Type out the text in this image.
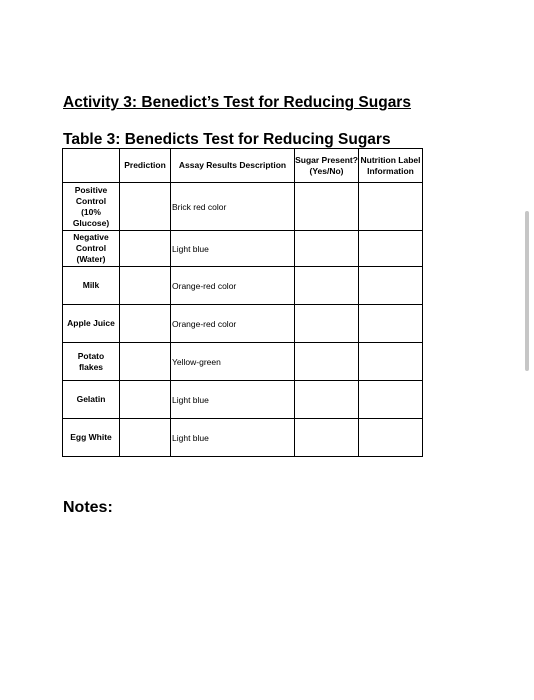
Activity 3: Benedict’s Test for Reducing Sugars
Table 3: Benedicts Test for Reducing Sugars
	Prediction	Assay Results Description	Sugar Present? (Yes/No)	Nutrition Label Information
Positive Control (10% Glucose)		Brick red color		
Negative Control (Water)		Light blue		
Milk		Orange-red color		
Apple Juice		Orange-red color		
Potato flakes		Yellow-green		
Gelatin		Light blue		
Egg White		Light blue		
Notes:
